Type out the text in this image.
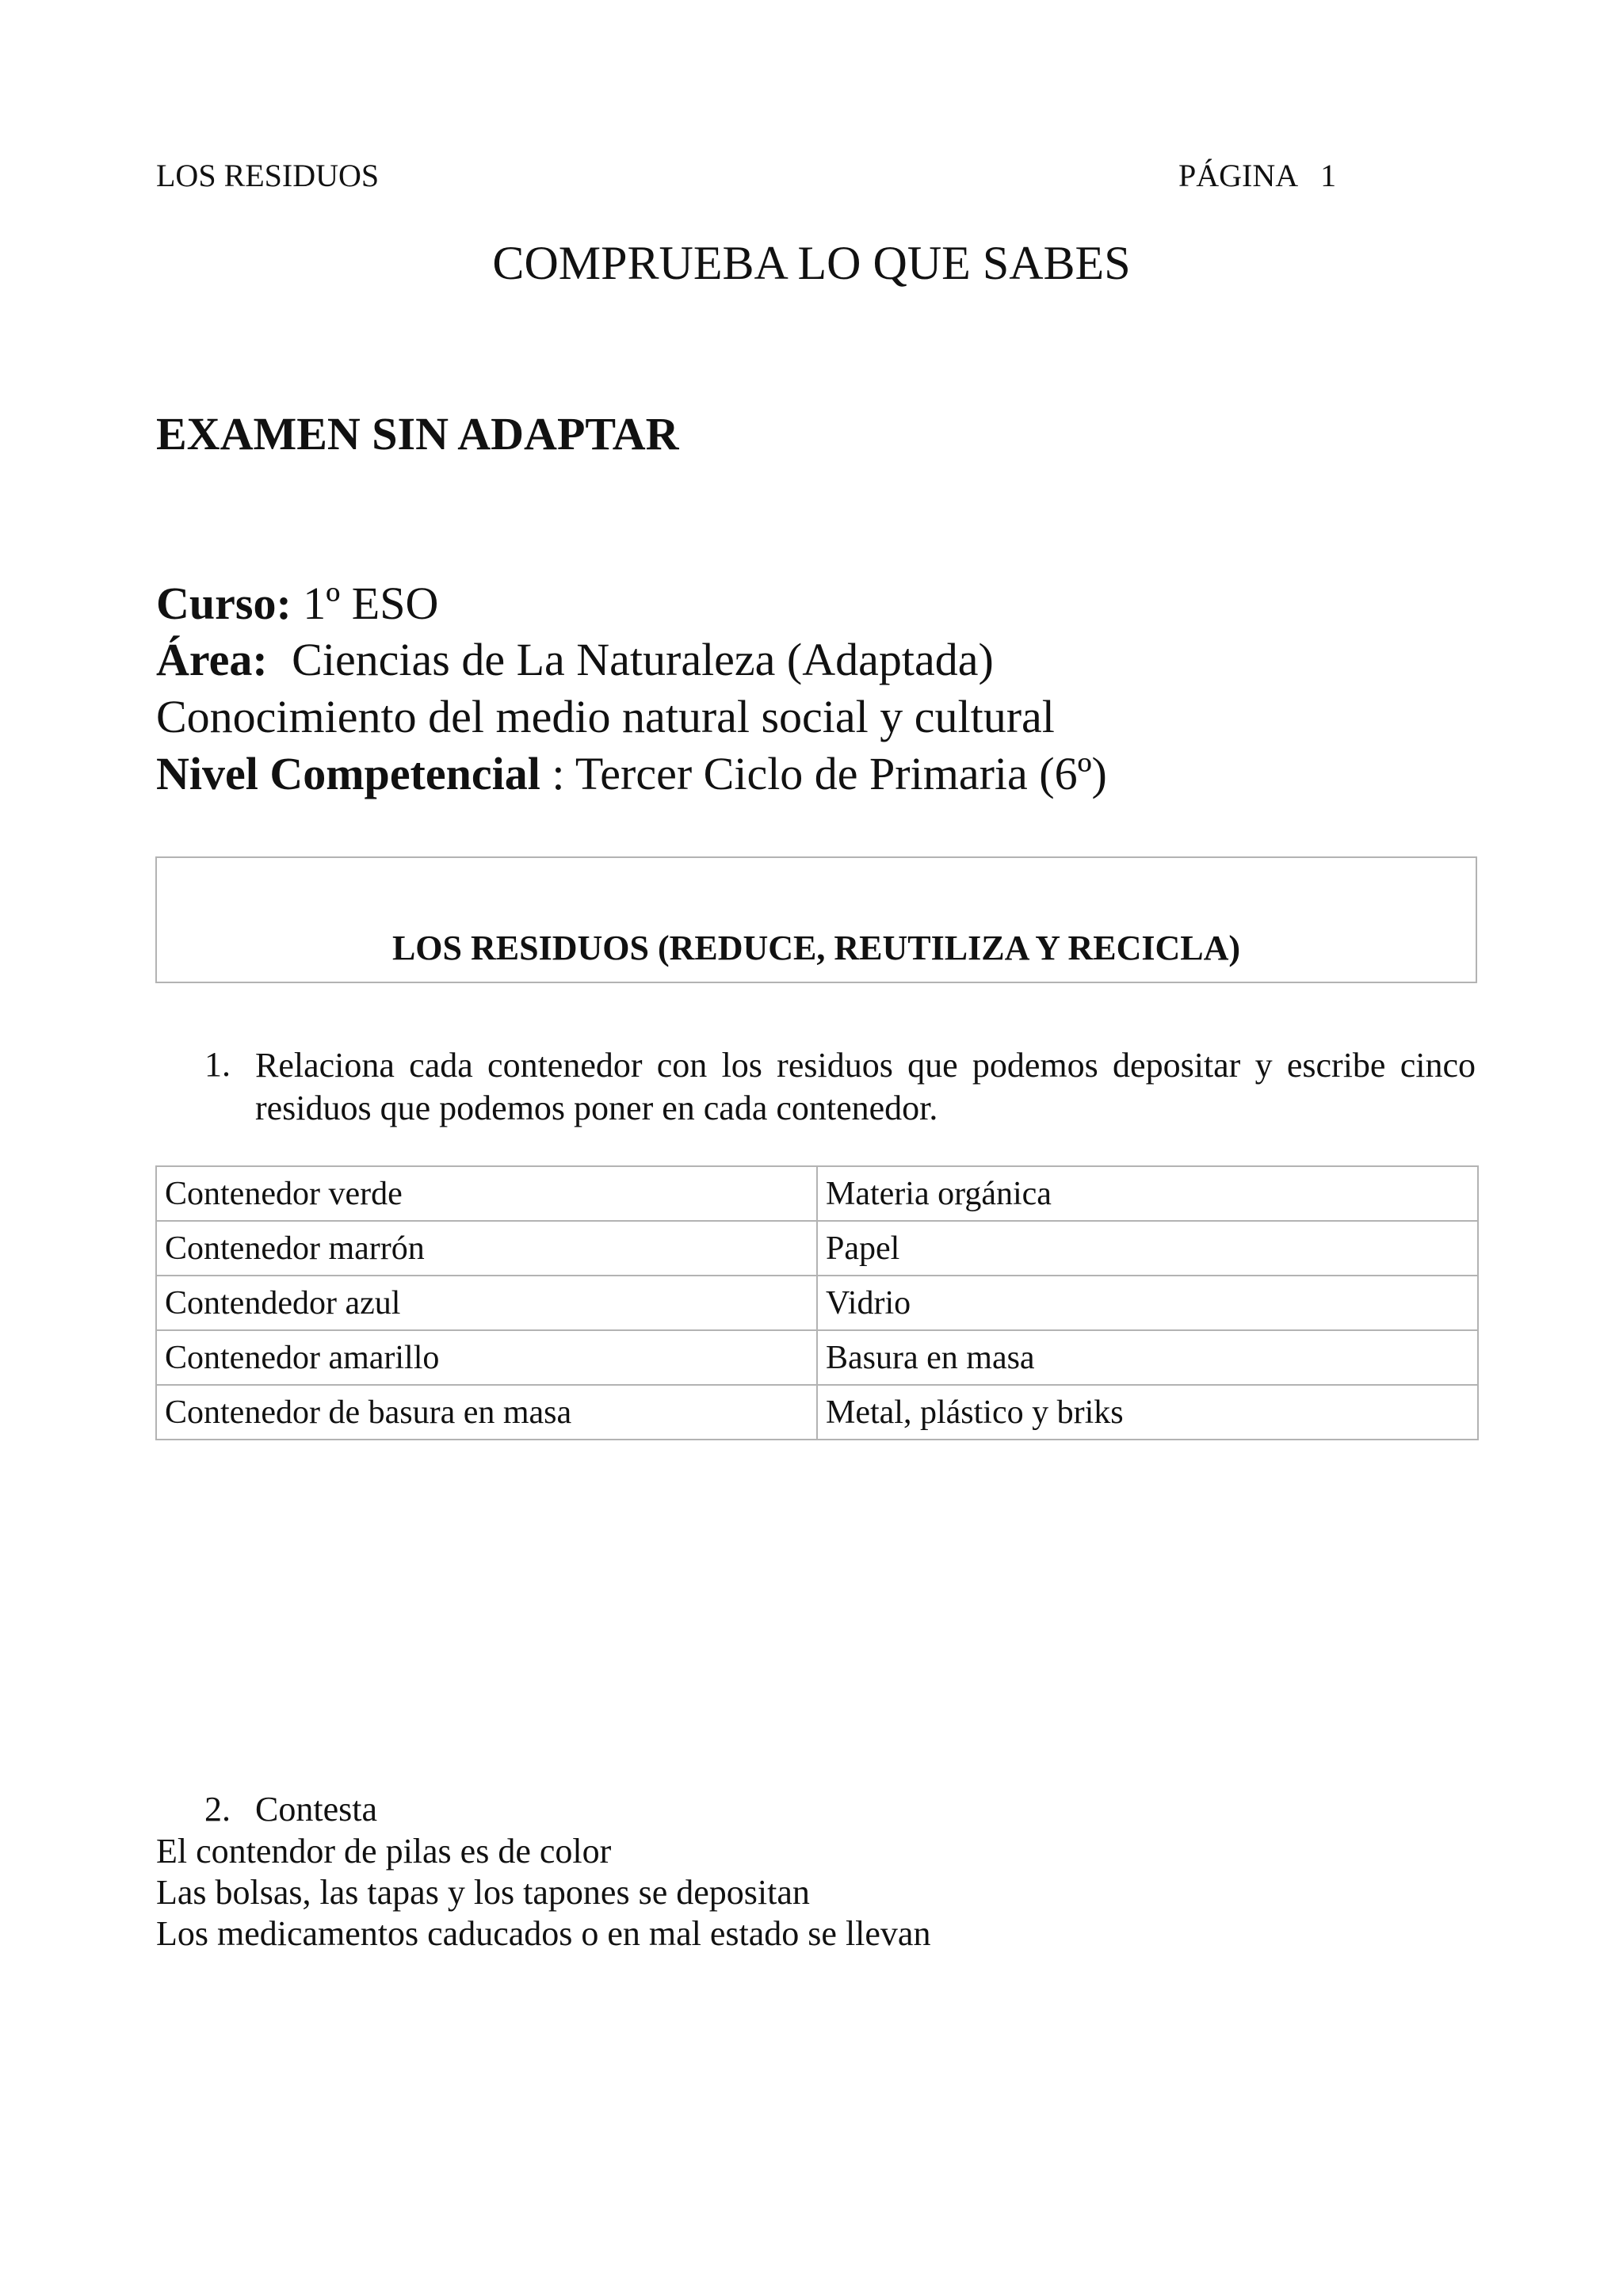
LOS RESIDUOS	PÁGINA 1
COMPRUEBA LO QUE SABES
EXAMEN SIN ADAPTAR
Curso: 1º ESO
Área: Ciencias de La Naturaleza (Adaptada)
Conocimiento del medio natural social y cultural
Nivel Competencial : Tercer Ciclo de Primaria (6º)
LOS RESIDUOS (REDUCE, REUTILIZA Y RECICLA)
1. Relaciona cada contenedor con los residuos que podemos depositar y escribe cinco residuos que podemos poner en cada contenedor.
Contenedor verde	Materia orgánica
Contenedor marrón	Papel
Contendedor azul	Vidrio
Contenedor amarillo	Basura en masa
Contenedor de basura en masa	Metal, plástico y briks
2. Contesta
El contendor de pilas es de color
Las bolsas, las tapas y los tapones se depositan
Los medicamentos caducados o en mal estado se llevan
